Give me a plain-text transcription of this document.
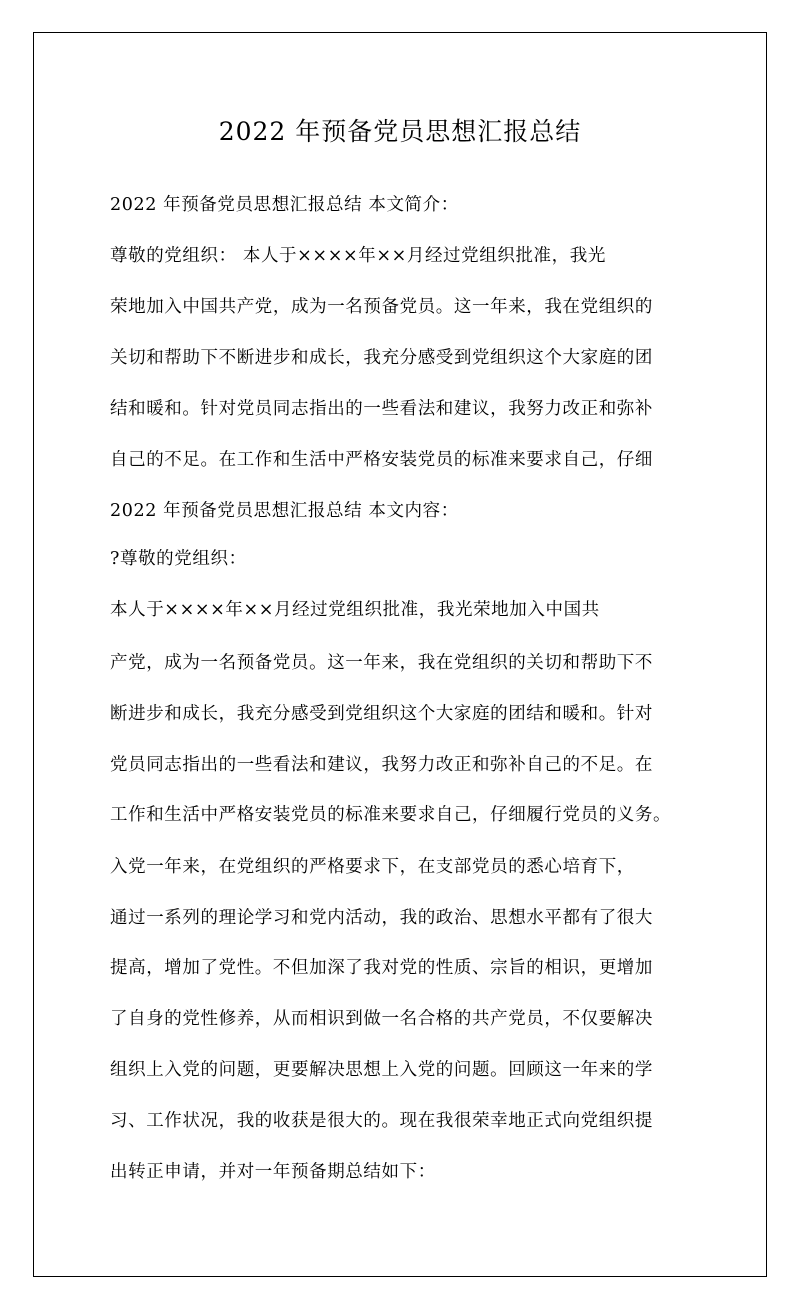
2022 年预备党员思想汇报总结

2022 年预备党员思想汇报总结 本文简介：

尊敬的党组织： 本人于××××年××月经过党组织批准，我光

荣地加入中国共产党，成为一名预备党员。这一年来，我在党组织的

关切和帮助下不断进步和成长，我充分感受到党组织这个大家庭的团

结和暖和。针对党员同志指出的一些看法和建议，我努力改正和弥补

自己的不足。在工作和生活中严格安装党员的标准来要求自己，仔细

2022 年预备党员思想汇报总结 本文内容：

?尊敬的党组织：

本人于××××年××月经过党组织批准，我光荣地加入中国共

产党，成为一名预备党员。这一年来，我在党组织的关切和帮助下不

断进步和成长，我充分感受到党组织这个大家庭的团结和暖和。针对

党员同志指出的一些看法和建议，我努力改正和弥补自己的不足。在

工作和生活中严格安装党员的标准来要求自己，仔细履行党员的义务。

入党一年来，在党组织的严格要求下，在支部党员的悉心培育下，

通过一系列的理论学习和党内活动，我的政治、思想水平都有了很大

提高，增加了党性。不但加深了我对党的性质、宗旨的相识，更增加

了自身的党性修养，从而相识到做一名合格的共产党员，不仅要解决

组织上入党的问题，更要解决思想上入党的问题。回顾这一年来的学

习、工作状况，我的收获是很大的。现在我很荣幸地正式向党组织提

出转正申请，并对一年预备期总结如下：
